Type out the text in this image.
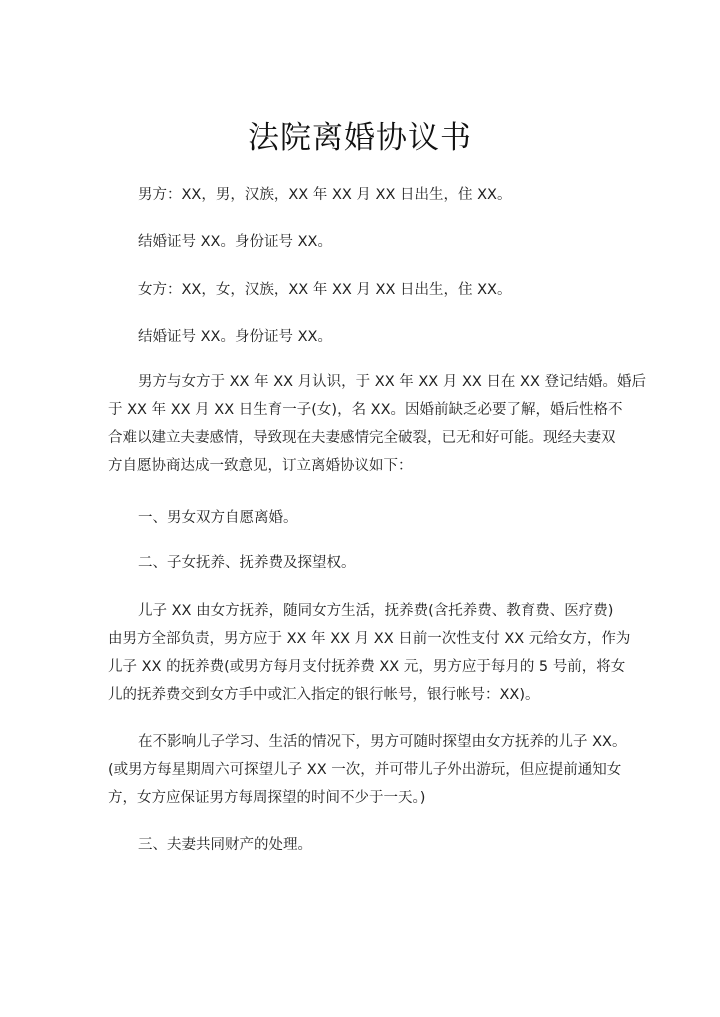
法院离婚协议书
男方：XX，男，汉族，XX 年 XX 月 XX 日出生，住 XX。
结婚证号 XX。身份证号 XX。
女方：XX，女，汉族，XX 年 XX 月 XX 日出生，住 XX。
结婚证号 XX。身份证号 XX。
男方与女方于 XX 年 XX 月认识，于 XX 年 XX 月 XX 日在 XX 登记结婚。婚后
于 XX 年 XX 月 XX 日生育一子(女)，名 XX。因婚前缺乏必要了解，婚后性格不
合难以建立夫妻感情，导致现在夫妻感情完全破裂，已无和好可能。现经夫妻双
方自愿协商达成一致意见，订立离婚协议如下：
一、男女双方自愿离婚。
二、子女抚养、抚养费及探望权。
儿子 XX 由女方抚养，随同女方生活，抚养费(含托养费、教育费、医疗费)
由男方全部负责，男方应于 XX 年 XX 月 XX 日前一次性支付 XX 元给女方，作为
儿子 XX 的抚养费(或男方每月支付抚养费 XX 元，男方应于每月的 5 号前，将女
儿的抚养费交到女方手中或汇入指定的银行帐号，银行帐号：XX)。
在不影响儿子学习、生活的情况下，男方可随时探望由女方抚养的儿子 XX。
(或男方每星期周六可探望儿子 XX 一次，并可带儿子外出游玩，但应提前通知女
方，女方应保证男方每周探望的时间不少于一天。)
三、夫妻共同财产的处理。
